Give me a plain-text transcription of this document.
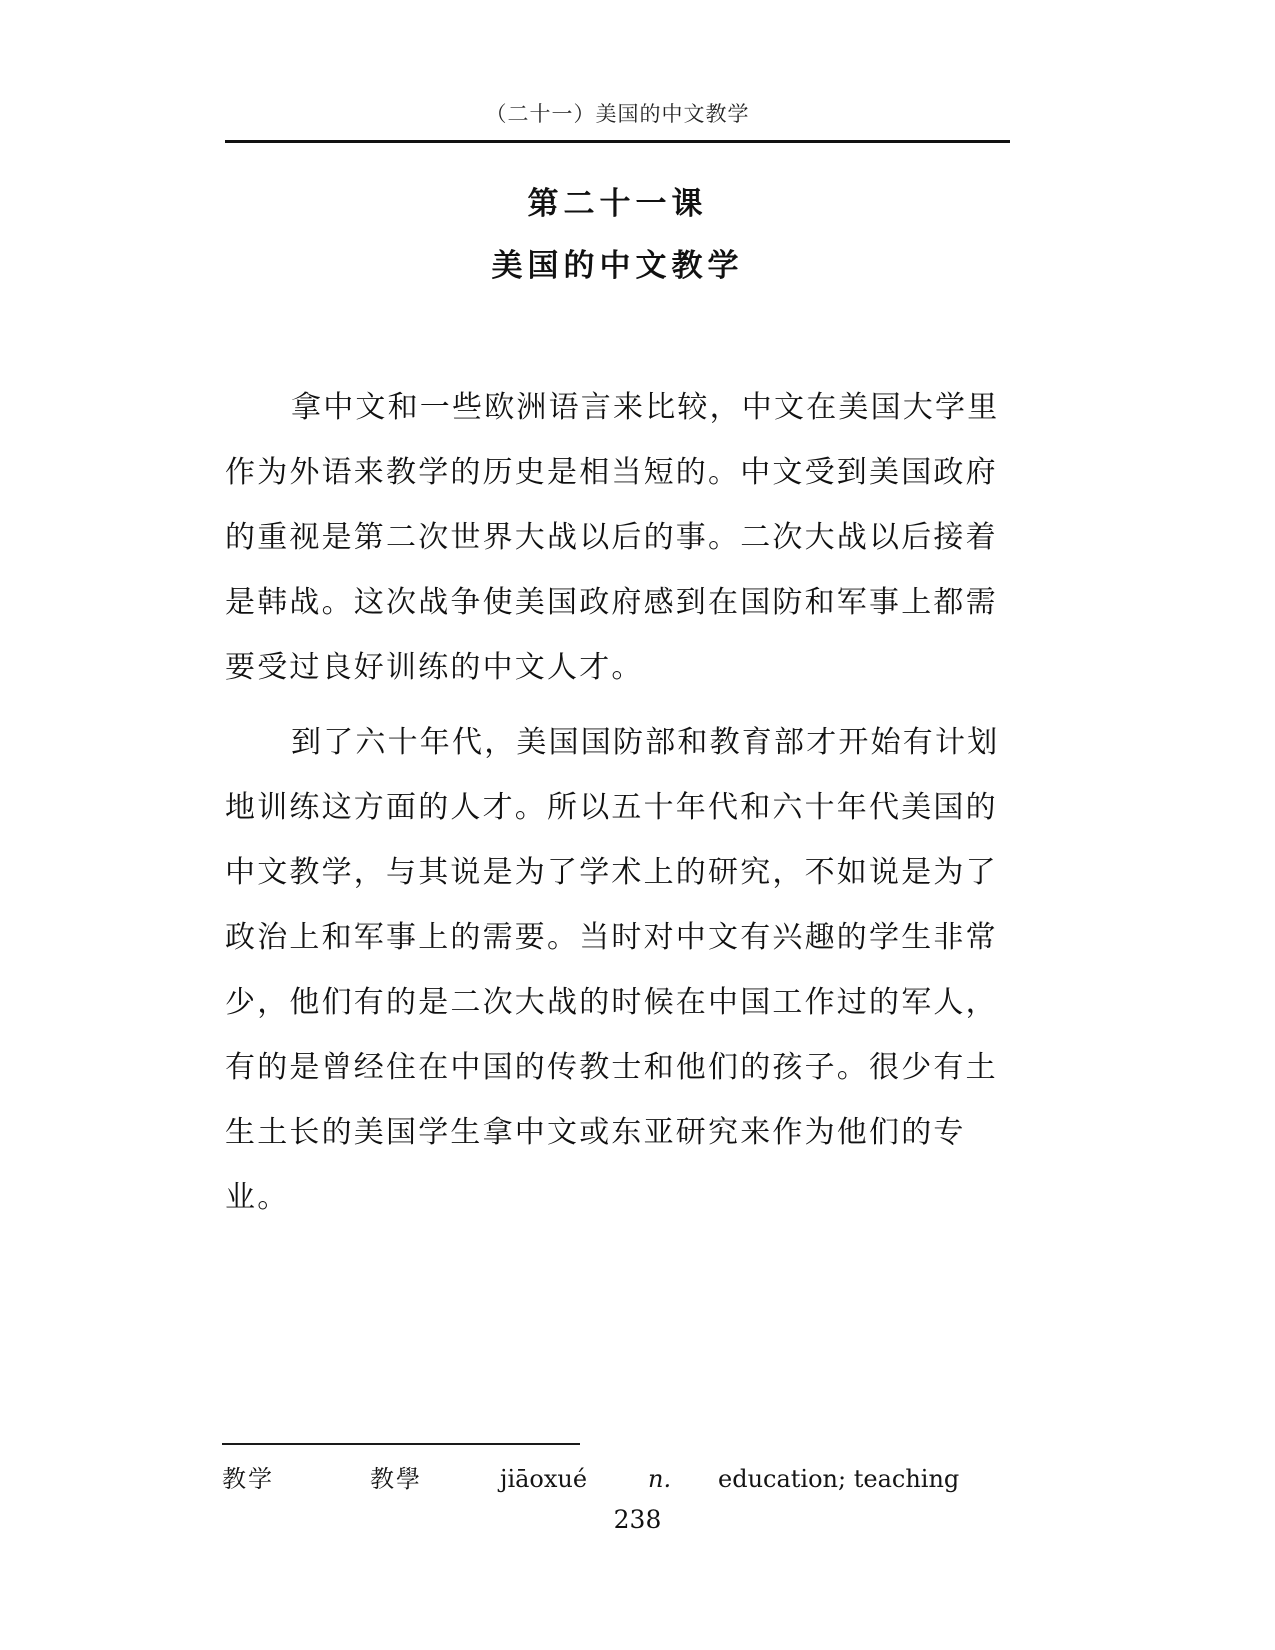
（二十一）美国的中文教学
第二十一课
美国的中文教学
拿中文和一些欧洲语言来比较，中文在美国大学里
作为外语来教学的历史是相当短的。中文受到美国政府
的重视是第二次世界大战以后的事。二次大战以后接着
是韩战。这次战争使美国政府感到在国防和军事上都需
要受过良好训练的中文人才。
到了六十年代，美国国防部和教育部才开始有计划
地训练这方面的人才。所以五十年代和六十年代美国的
中文教学，与其说是为了学术上的研究，不如说是为了
政治上和军事上的需要。当时对中文有兴趣的学生非常
少，他们有的是二次大战的时候在中国工作过的军人，
有的是曾经住在中国的传教士和他们的孩子。很少有土
生土长的美国学生拿中文或东亚研究来作为他们的专
业。
教学	教學	jiāoxué	n.	education; teaching
238
